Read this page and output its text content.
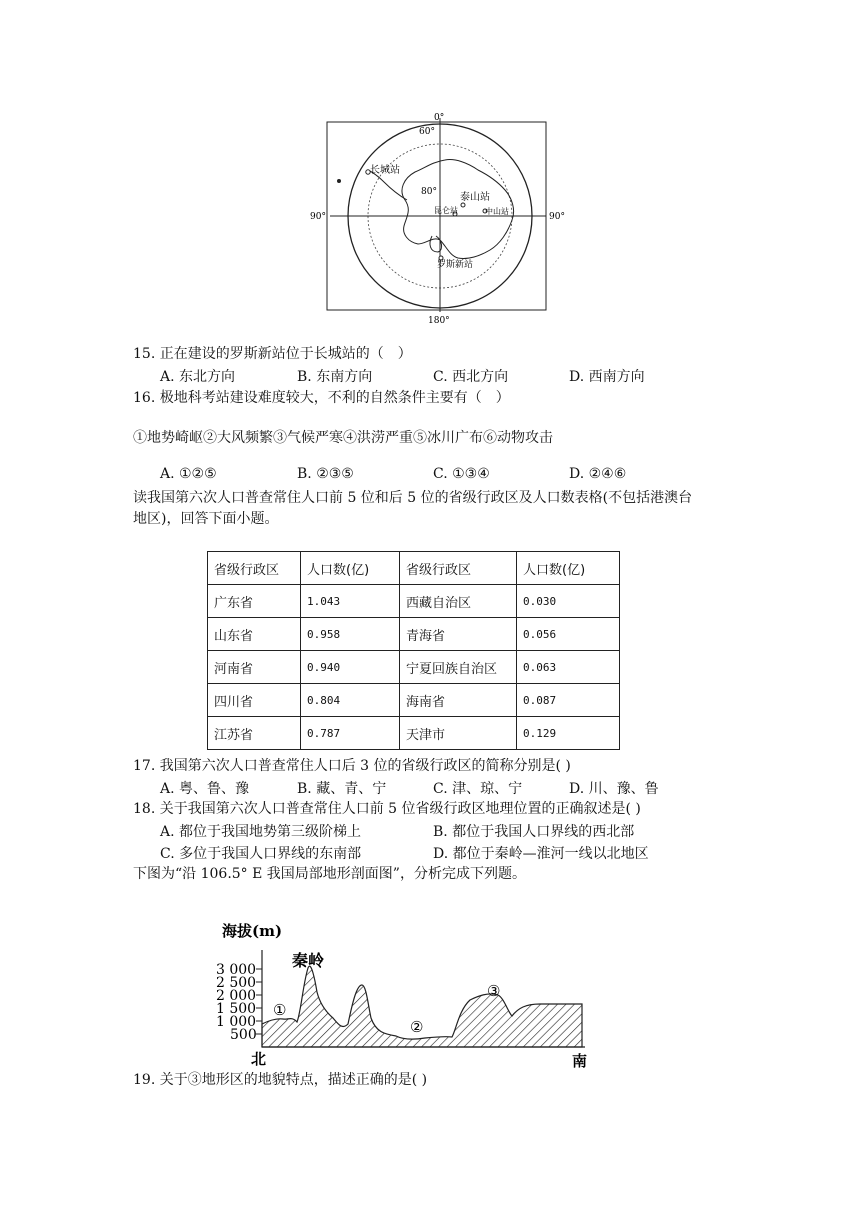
0°
60°
80°
90°	90°
180°
长城站
泰山站
昆仑站	中山站
罗斯新站
15. 正在建设的罗斯新站位于长城站的（　）
A. 东北方向	B. 东南方向	C. 西北方向	D. 西南方向
16. 极地科考站建设难度较大，不利的自然条件主要有（　）
①地势崎岖②大风频繁③气候严寒④洪涝严重⑤冰川广布⑥动物攻击
A. ①②⑤	B. ②③⑤	C. ①③④	D. ②④⑥
读我国第六次人口普查常住人口前 5 位和后 5 位的省级行政区及人口数表格(不包括港澳台
地区)，回答下面小题。
省级行政区	人口数(亿)	省级行政区	人口数(亿)
广东省	1.043	西藏自治区	0.030
山东省	0.958	青海省	0.056
河南省	0.940	宁夏回族自治区	0.063
四川省	0.804	海南省	0.087
江苏省	0.787	天津市	0.129
17. 我国第六次人口普查常住人口后 3 位的省级行政区的简称分别是( )
A. 粤、鲁、豫	B. 藏、青、宁	C. 津、琼、宁	D. 川、豫、鲁
18. 关于我国第六次人口普查常住人口前 5 位省级行政区地理位置的正确叙述是( )
A. 都位于我国地势第三级阶梯上	B. 都位于我国人口界线的西北部
C. 多位于我国人口界线的东南部	D. 都位于秦岭—淮河一线以北地区
下图为“沿 106.5° E 我国局部地形剖面图”，分析完成下列题。
海拔(m)
3 000
2 500
2 000
1 500
1 000
500
秦岭
①
②
③
北	南
19. 关于③地形区的地貌特点，描述正确的是( )
